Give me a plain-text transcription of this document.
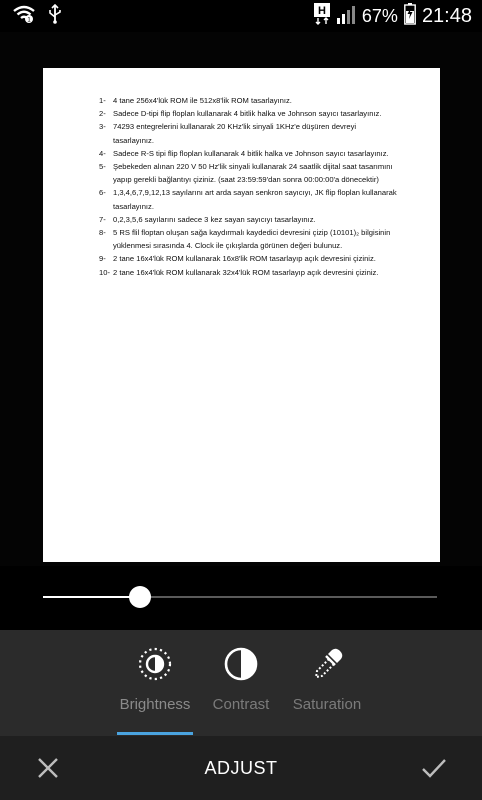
1
H 67% 21:48
1- 4 tane 256x4'lük ROM ile 512x8'lik ROM tasarlayınız.
2- Sadece D-tipi flip floplan kullanarak 4 bitlik halka ve Johnson sayıcı tasarlayınız.
3- 74293 entegrelerini kullanarak 20 KHz'lik sinyali 1KHz'e düşüren devreyi tasarlayınız.
4- Sadece R-S tipi flip floplan kullanarak 4 bitlik halka ve Johnson sayıcı tasarlayınız.
5- Şebekeden alınan 220 V 50 Hz'lik sinyali kullanarak 24 saatlik dijital saat tasarımını yapıp gerekli bağlantıyı çiziniz. (saat 23:59:59'dan sonra 00:00:00'a dönecektir)
6- 1,3,4,6,7,9,12,13 sayılarını art arda sayan senkron sayıcıyı, JK flip floplan kullanarak tasarlayınız.
7- 0,2,3,5,6 sayılarını sadece 3 kez sayan sayıcıyı tasarlayınız.
8- 5 RS flil floptan oluşan sağa kaydırmalı kaydedici devresini çizip (10101)₂ bilgisinin yüklenmesi sırasında 4. Clock ile çıkışlarda görünen değeri bulunuz.
9- 2 tane 16x4'lük ROM kullanarak 16x8'lik ROM tasarlayıp açık devresini çiziniz.
10- 2 tane 16x4'lük ROM kullanarak 32x4'lük ROM tasarlayıp açık devresini çiziniz.
Brightness	Contrast	Saturation
ADJUST
